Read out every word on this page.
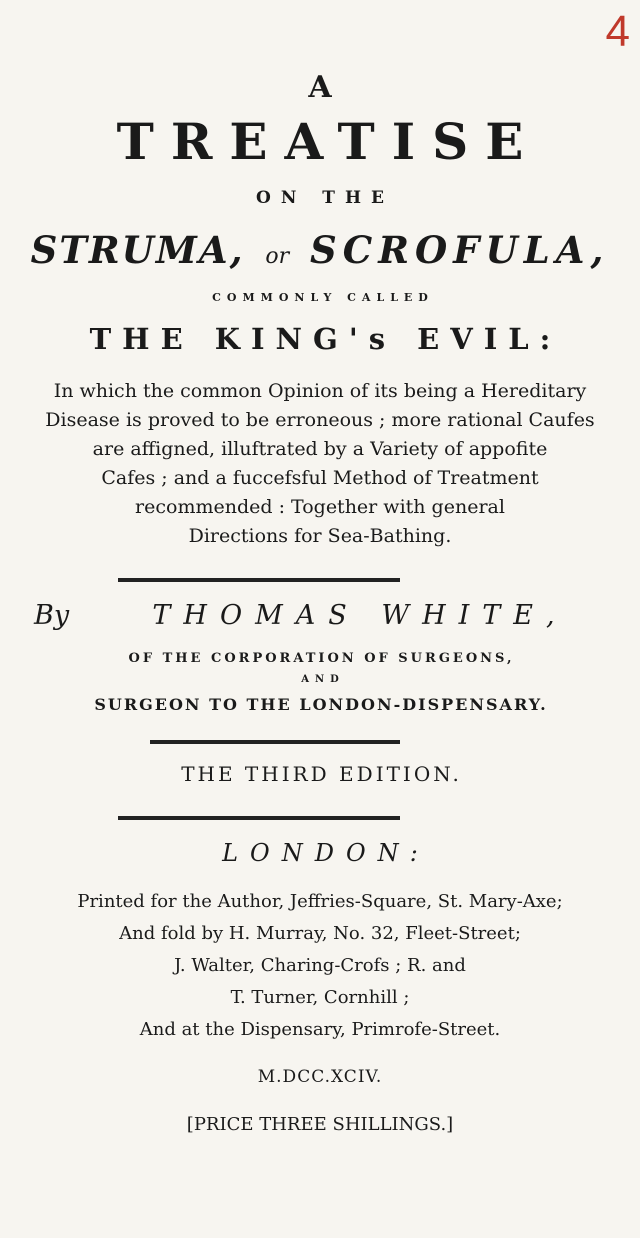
4
A
TREATISE
ON THE
STRUMA, or SCROFULA,
COMMONLY CALLED
THE KING's EVIL:
In which the common Opinion of its being a Hereditary
Disease is proved to be erroneous ; more rational Caufes
are affigned, illuftrated by a Variety of appofite
Cafes ; and a fuccefsful Method of Treatment
recommended : Together with general
Directions for Sea-Bathing.
By	THOMAS WHITE,
OF THE CORPORATION OF SURGEONS,
AND
SURGEON TO THE LONDON-DISPENSARY.
THE THIRD EDITION.
LONDON:
Printed for the Author, Jeffries-Square, St. Mary-Axe;
And fold by H. Murray, No. 32, Fleet-Street;
J. Walter, Charing-Crofs ; R. and
T. Turner, Cornhill ;
And at the Dispensary, Primrofe-Street.
M.DCC.XCIV.
[PRICE THREE SHILLINGS.]
